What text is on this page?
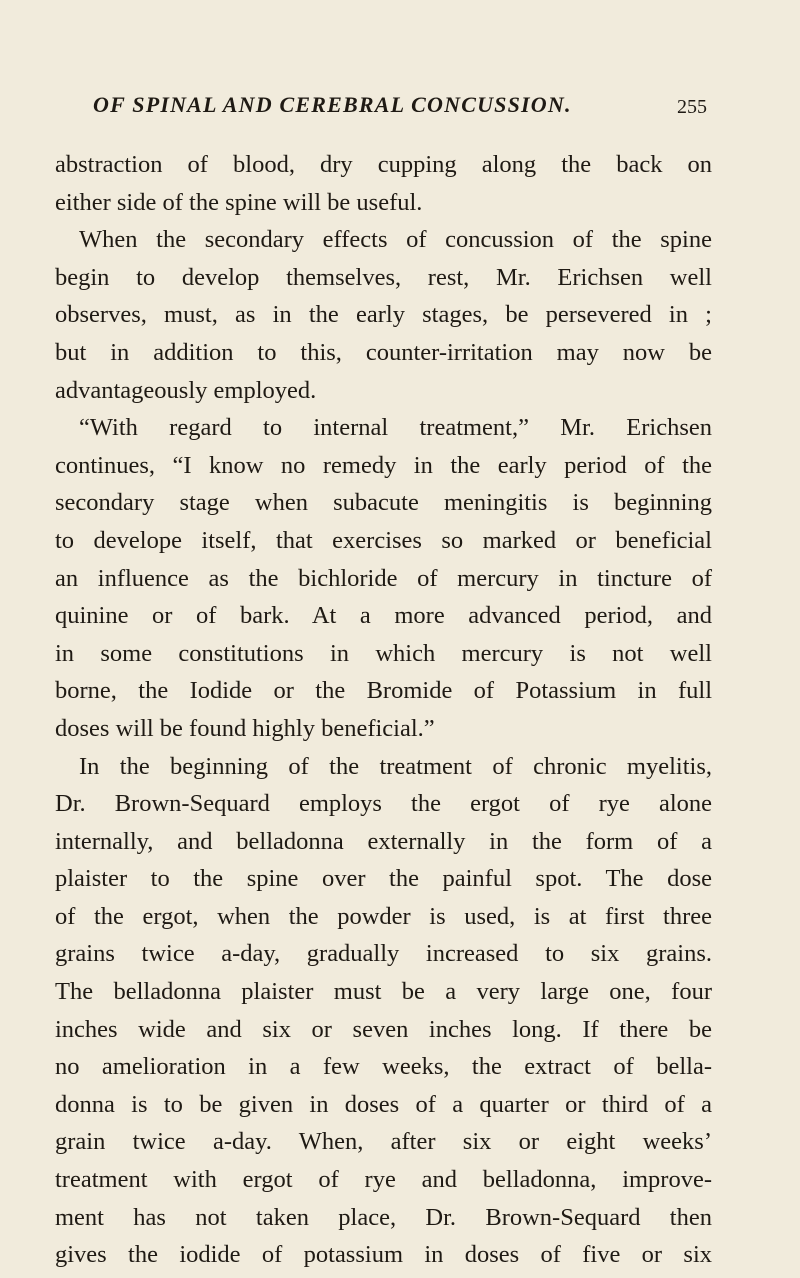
OF SPINAL AND CEREBRAL CONCUSSION.	255
abstraction of blood, dry cupping along the back on
either side of the spine will be useful.
When the secondary effects of concussion of the spine
begin to develop themselves, rest, Mr. Erichsen well
observes, must, as in the early stages, be persevered in ;
but in addition to this, counter-irritation may now be
advantageously employed.
“With regard to internal treatment,” Mr. Erichsen
continues, “I know no remedy in the early period of the
secondary stage when subacute meningitis is beginning
to develope itself, that exercises so marked or beneficial
an influence as the bichloride of mercury in tincture of
quinine or of bark. At a more advanced period, and
in some constitutions in which mercury is not well
borne, the Iodide or the Bromide of Potassium in full
doses will be found highly beneficial.”
In the beginning of the treatment of chronic myelitis,
Dr. Brown-Sequard employs the ergot of rye alone
internally, and belladonna externally in the form of a
plaister to the spine over the painful spot. The dose
of the ergot, when the powder is used, is at first three
grains twice a-day, gradually increased to six grains.
The belladonna plaister must be a very large one, four
inches wide and six or seven inches long. If there be
no amelioration in a few weeks, the extract of bella-
donna is to be given in doses of a quarter or third of a
grain twice a-day. When, after six or eight weeks’
treatment with ergot of rye and belladonna, improve-
ment has not taken place, Dr. Brown-Sequard then
gives the iodide of potassium in doses of five or six
